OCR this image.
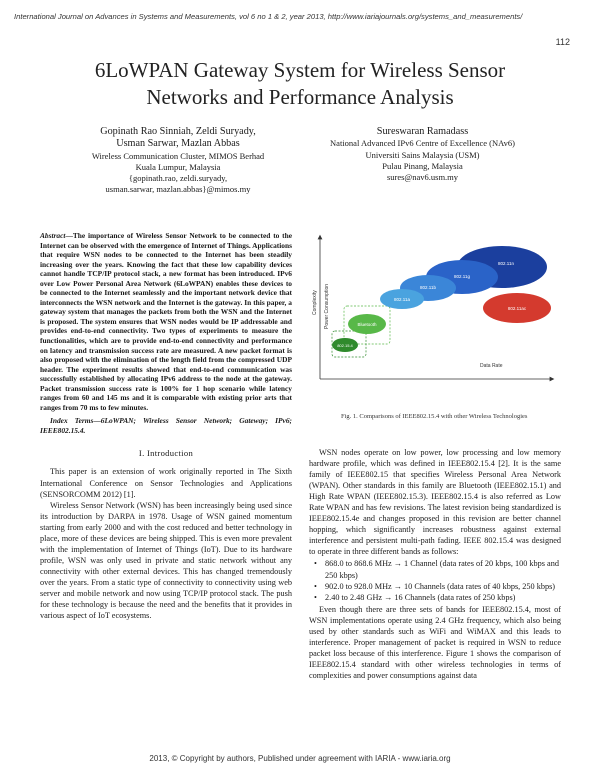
International Journal on Advances in Systems and Measurements, vol 6 no 1 & 2, year 2013, http://www.iariajournals.org/systems_and_measurements/
112
6LoWPAN Gateway System for Wireless Sensor
Networks and Performance Analysis
Gopinath Rao Sinniah, Zeldi Suryady,
Usman Sarwar, Mazlan Abbas
Wireless Communication Cluster, MIMOS Berhad
Kuala Lumpur, Malaysia
{gopinath.rao, zeldi.suryady,
usman.sarwar, mazlan.abbas}@mimos.my
Sureswaran Ramadass
National Advanced IPv6 Centre of Excellence (NAv6)
Universiti Sains Malaysia (USM)
Pulau Pinang, Malaysia
sures@nav6.usm.my

Abstract—The importance of Wireless Sensor Network to be connected to the Internet can be observed with the emergence of Internet of Things. Applications that require WSN nodes to be connected to the Internet has been steadily increasing over the years. Knowing the fact that these low capability devices cannot handle TCP/IP protocol stack, a new format has been introduced. IPv6 over Low Power Personal Area Network (6LoWPAN) enables these devices to be connected to the Internet seamlessly and the important network device that interconnects the WSN network and the Internet is the gateway. In this paper, a gateway system that manages the packets from both the WSN and the Internet is proposed. The system ensures that WSN nodes would be IP addressable and provides end-to-end connectivity. Two types of experiments to measure the functionalities, which are to provide end-to-end connectivity and performance on latency and transmission success rate are measured. A new packet format is also proposed with the elimination of the length field from the compressed UDP header. The experiment results showed that end-to-end communication was successfully established by allocating IPv6 address to the node at the gateway. Packet transmission success rate is 100% for 1 hop scenario while latency ranges from 60 and 145 ms and it is comparable with existing prior arts that ranges from 70 ms to few minutes.

Index Terms—6LoWPAN; Wireless Sensor Network; Gateway; IPv6; IEEE802.15.4.

I. Introduction

This paper is an extension of work originally reported in The Sixth International Conference on Sensor Technologies and Applications (SENSORCOMM 2012) [1].

Wireless Sensor Network (WSN) has been increasingly being used since its introduction by DARPA in 1978. Usage of WSN gained momentum starting from early 2000 and with the cost reduced and better technology in place, more of these devices are being shipped. This is even more prevalent with the implementation of Internet of Things (IoT). Due to its hardware profile, WSN was only used in private and static network without any connectivity with other external devices. This has changed tremendously over the years. From a static type of connectivity to connectivity using web server and mobile network and now using TCP/IP protocol stack. The push for these technology is because the need and the benefits that it provides in various aspect of IoT ecosystems.

Complexity Power Consumption
Data Rate
802.11ac
802.11n
802.11g
802.11b
802.11a
Bluetooth
802.15.4
Fig. 1. Comparisons of IEEE802.15.4 with other Wireless Technologies

WSN nodes operate on low power, low processing and low memory hardware profile, which was defined in IEEE802.15.4 [2]. It is the same family of IEEE802.15 that specifies Wireless Personal Area Network (WPAN). Other standards in this family are Bluetooth (IEEE802.15.1) and High Rate WPAN (IEEE802.15.3). IEEE802.15.4 is also referred as Low Rate WPAN and has few revisions. The latest revision being standardized is IEEE802.15.4e and changes proposed in this revision are better channel hopping, which significantly increases robustness against external interference and persistent multi-path fading. IEEE 802.15.4 was designed to operate in three different bands as follows:

• 868.0 to 868.6 MHz → 1 Channel (data rates of 20 kbps, 100 kbps and 250 kbps)
• 902.0 to 928.0 MHz → 10 Channels (data rates of 40 kbps, 250 kbps)
• 2.40 to 2.48 GHz → 16 Channels (data rates of 250 kbps)

Even though there are three sets of bands for IEEE802.15.4, most of WSN implementations operate using 2.4 GHz frequency, which also being used by other standards such as WiFi and WiMAX and this leads to interference. Proper management of packet is required in WSN to reduce packet loss because of this interference. Figure 1 shows the comparison of IEEE802.15.4 standard with other wireless technologies in terms of complexities and power consumptions against data

2013, © Copyright by authors, Published under agreement with IARIA - www.iaria.org
